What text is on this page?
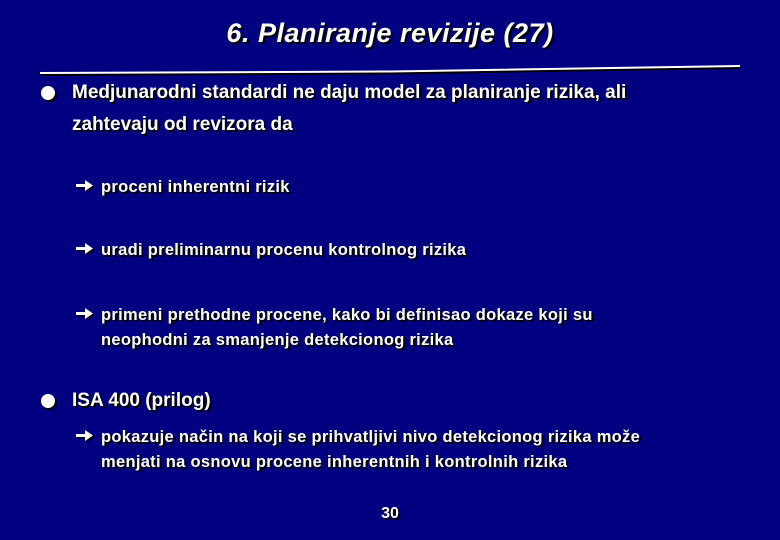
6. Planiranje revizije (27)
Medjunarodni standardi ne daju model za planiranje rizika, ali
zahtevaju od revizora da
proceni inherentni rizik
uradi preliminarnu procenu kontrolnog rizika
primeni prethodne procene, kako bi definisao dokaze koji su
neophodni za smanjenje detekcionog rizika
ISA 400 (prilog)
pokazuje način na koji se prihvatljivi nivo detekcionog rizika može
menjati na osnovu procene inherentnih i kontrolnih rizika
30
